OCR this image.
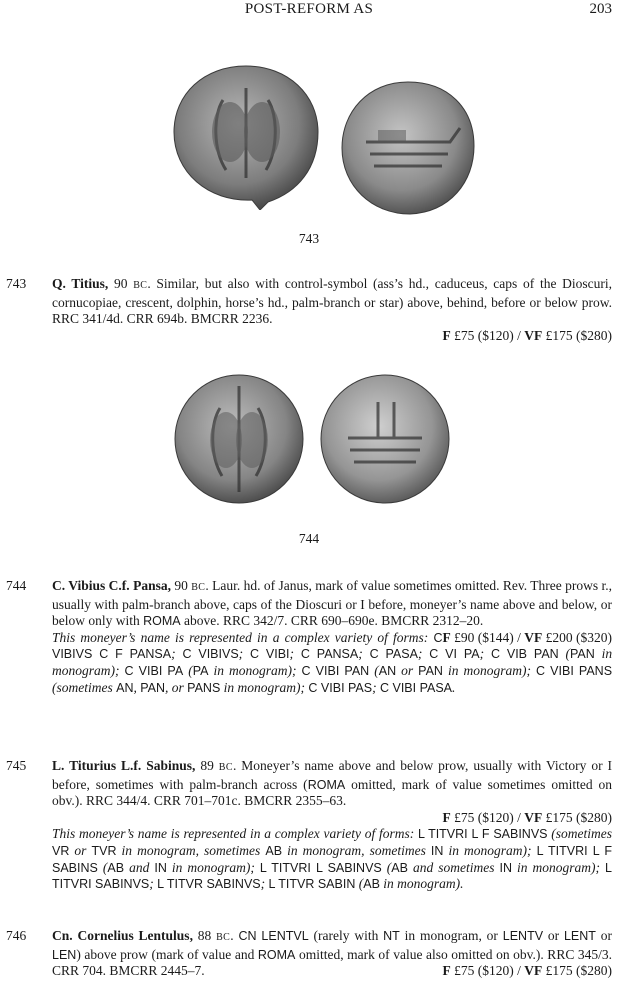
POST-REFORM AS	203
743
743 Q. Titius, 90 BC. Similar, but also with control-symbol (ass’s hd., caduceus, caps of the Dioscuri, cornucopiae, crescent, dolphin, horse’s hd., palm-branch or star) above, behind, before or below prow. RRC 341/4d. CRR 694b. BMCRR 2236.
F £75 ($120) / VF £175 ($280)
744
744 C. Vibius C.f. Pansa, 90 BC. Laur. hd. of Janus, mark of value sometimes omitted. Rev. Three prows r., usually with palm-branch above, caps of the Dioscuri or I before, moneyer’s name above and below, or below only with ROMA above. RRC 342/7. CRR 690–690e. BMCRR 2312–20.
F £90 ($144) / VF £200 ($320)
This moneyer’s name is represented in a complex variety of forms: C VIBIVS C F PANSA; C VIBIVS; C VIBI; C PANSA; C PASA; C VI PA; C VIB PAN (PAN in monogram); C VIBI PA (PA in monogram); C VIBI PAN (AN or PAN in monogram); C VIBI PANS (sometimes AN, PAN, or PANS in monogram); C VIBI PAS; C VIBI PASA.
745 L. Titurius L.f. Sabinus, 89 BC. Moneyer’s name above and below prow, usually with Victory or I before, sometimes with palm-branch across (ROMA omitted, mark of value sometimes omitted on obv.). RRC 344/4. CRR 701–701c. BMCRR 2355–63.
F £75 ($120) / VF £175 ($280)
This moneyer’s name is represented in a complex variety of forms: L TITVRI L F SABINVS (sometimes VR or TVR in monogram, sometimes AB in monogram, sometimes IN in monogram); L TITVRI L F SABINS (AB and IN in monogram); L TITVRI L SABINVS (AB and sometimes IN in monogram); L TITVRI SABINVS; L TITVR SABINVS; L TITVR SABIN (AB in monogram).
746 Cn. Cornelius Lentulus, 88 BC. CN LENTVL (rarely with NT in monogram, or LENTV or LENT or LEN) above prow (mark of value and ROMA omitted, mark of value also omitted on obv.). RRC 345/3. CRR 704. BMCRR 2445–7.	F £75 ($120) / VF £175 ($280)
